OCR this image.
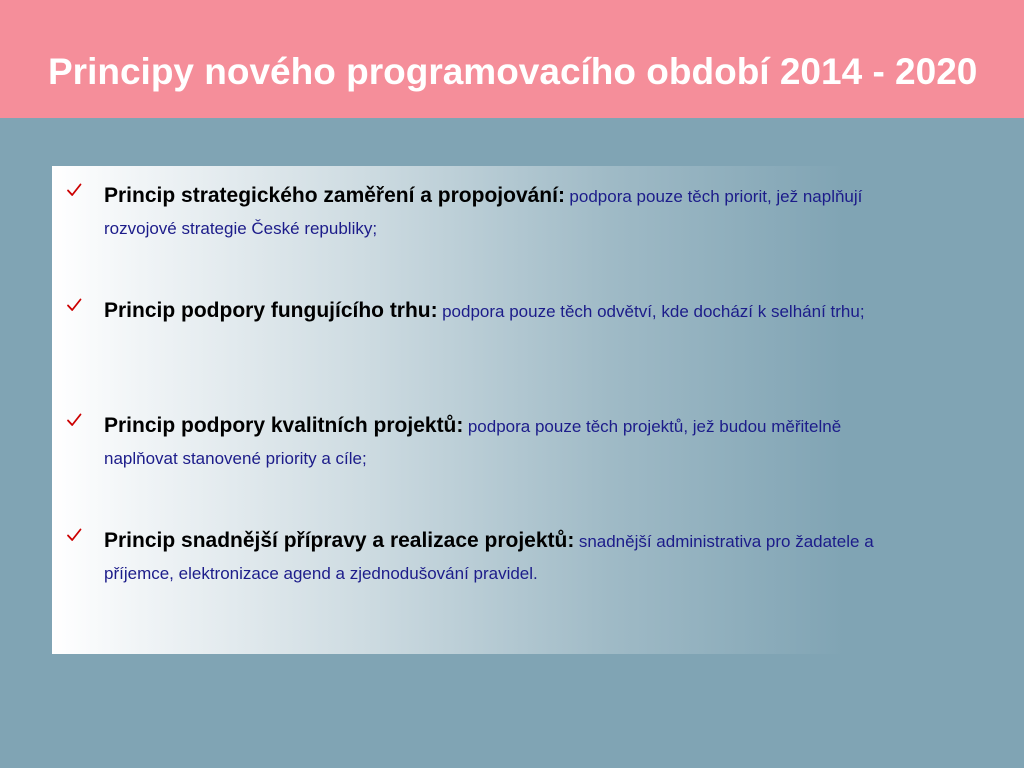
Principy nového programovacího období 2014 - 2020
Princip strategického zaměření a propojování: podpora pouze těch priorit, jež naplňují rozvojové strategie České republiky;
Princip podpory fungujícího trhu: podpora pouze těch odvětví, kde dochází k selhání trhu;
Princip podpory kvalitních projektů: podpora pouze těch projektů, jež budou měřitelně naplňovat stanovené priority a cíle;
Princip snadnější přípravy a realizace projektů: snadnější administrativa pro žadatele a příjemce, elektronizace agend a zjednodušování pravidel.
